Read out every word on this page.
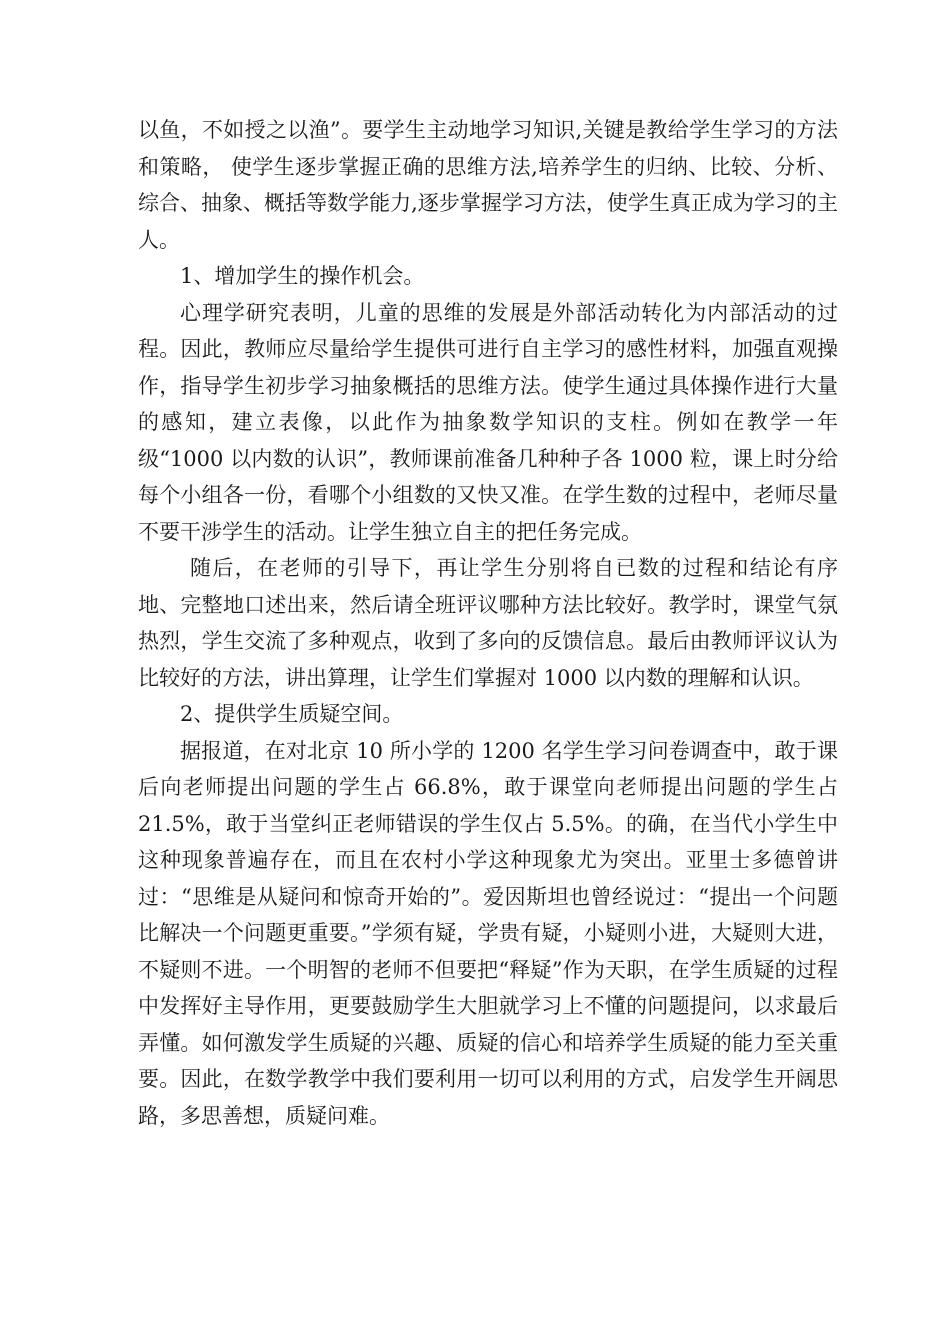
以鱼，不如授之以渔”。要学生主动地学习知识,关键是教给学生学习的方法和策略， 使学生逐步掌握正确的思维方法,培养学生的归纳、比较、分析、综合、抽象、概括等数学能力,逐步掌握学习方法，使学生真正成为学习的主人。

1、增加学生的操作机会。

心理学研究表明，儿童的思维的发展是外部活动转化为内部活动的过程。因此，教师应尽量给学生提供可进行自主学习的感性材料，加强直观操作，指导学生初步学习抽象概括的思维方法。使学生通过具体操作进行大量的感知，建立表像，以此作为抽象数学知识的支柱。例如在教学一年级“1000 以内数的认识”，教师课前准备几种种子各 1000 粒，课上时分给每个小组各一份，看哪个小组数的又快又准。在学生数的过程中，老师尽量不要干涉学生的活动。让学生独立自主的把任务完成。

随后，在老师的引导下，再让学生分别将自已数的过程和结论有序地、完整地口述出来，然后请全班评议哪种方法比较好。教学时，课堂气氛热烈，学生交流了多种观点，收到了多向的反馈信息。最后由教师评议认为比较好的方法，讲出算理，让学生们掌握对 1000 以内数的理解和认识。

2、提供学生质疑空间。

据报道，在对北京 10 所小学的 1200 名学生学习问卷调查中，敢于课后向老师提出问题的学生占 66.8%，敢于课堂向老师提出问题的学生占 21.5%，敢于当堂纠正老师错误的学生仅占 5.5%。的确，在当代小学生中这种现象普遍存在，而且在农村小学这种现象尤为突出。亚里士多德曾讲过：“思维是从疑问和惊奇开始的”。爱因斯坦也曾经说过：“提出一个问题比解决一个问题更重要。”学须有疑，学贵有疑，小疑则小进，大疑则大进，不疑则不进。一个明智的老师不但要把“释疑”作为天职，在学生质疑的过程中发挥好主导作用，更要鼓励学生大胆就学习上不懂的问题提问，以求最后弄懂。如何激发学生质疑的兴趣、质疑的信心和培养学生质疑的能力至关重要。因此，在数学教学中我们要利用一切可以利用的方式，启发学生开阔思路，多思善想，质疑问难。
